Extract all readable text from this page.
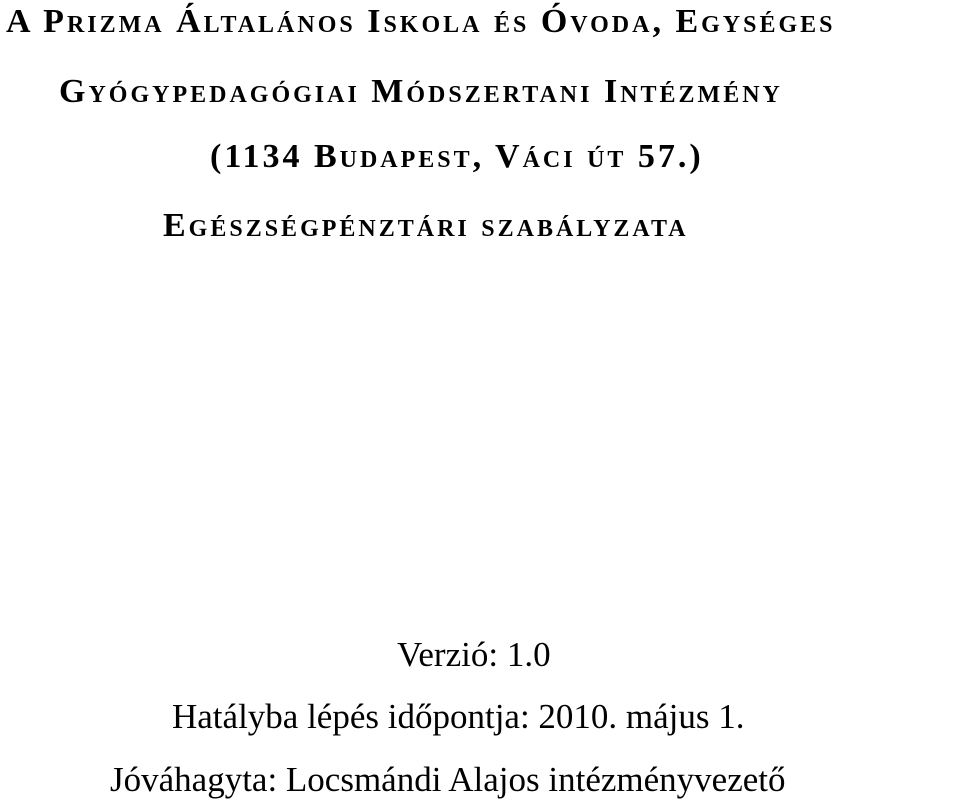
A Prizma Általános Iskola és Óvoda, Egységes
Gyógypedagógiai Módszertani Intézmény
(1134 Budapest, Váci út 57.)
Egészségpénztári szabályzata
Verzió: 1.0
Hatályba lépés időpontja: 2010. május 1.
Jóváhagyta: Locsmándi Alajos intézményvezető
